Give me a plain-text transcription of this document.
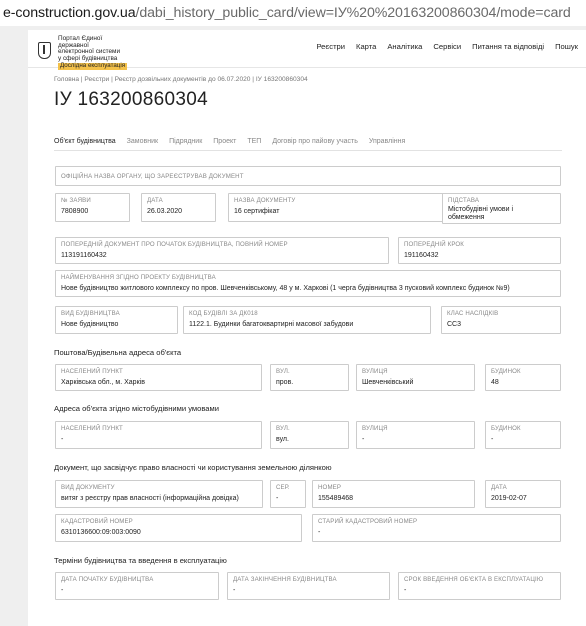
e-construction.gov.ua/dabi_history_public_card/view=ІУ%20%20163200860304/mode=card
Портал Єдиної
державної
електронної системи
у сфері будівництва
Дослідна експлуатація
Реєстри Карта Аналітика Сервіси Питання та відповіді Пошук
Головна | Реєстри | Реєстр дозвільних документів до 06.07.2020 | ІУ 163200860304
ІУ 163200860304
Об'єкт будівництва Замовник Підрядник Проект ТЕП Договір про пайову участь Управління
ОФІЦІЙНА НАЗВА ОРГАНУ, ЩО ЗАРЕЄСТРУВАВ ДОКУМЕНТ
№ ЗАЯВИ
7808900
ДАТА
26.03.2020
НАЗВА ДОКУМЕНТУ
16 сертифікат
ПІДСТАВА
Містобудівні умови і обмеження
ПОПЕРЕДНІЙ ДОКУМЕНТ ПРО ПОЧАТОК БУДІВНИЦТВА, ПОВНИЙ НОМЕР
113191160432
ПОПЕРЕДНІЙ КРОК
191160432
НАЙМЕНУВАННЯ ЗГІДНО ПРОЕКТУ БУДІВНИЦТВА
Нове будівництво житлового комплексу по пров. Шевченківському, 48 у м. Харкові (1 черга будівництва 3 пусковий комплекс будинок №9)
ВИД БУДІВНИЦТВА
Нове будівництво
КОД БУДІВЛІ ЗА ДК018
1122.1. Будинки багатоквартирні масової забудови
КЛАС НАСЛІДКІВ
СС3
Поштова/Будівельна адреса об'єкта
НАСЕЛЕНИЙ ПУНКТ
Харківська обл., м. Харків
ВУЛ.
пров.
ВУЛИЦЯ
Шевченківський
БУДИНОК
48
Адреса об'єкта згідно містобудівними умовами
НАСЕЛЕНИЙ ПУНКТ
-
ВУЛ.
вул.
ВУЛИЦЯ
-
БУДИНОК
-
Документ, що засвідчує право власності чи користування земельною ділянкою
ВИД ДОКУМЕНТУ
витяг з реєстру прав власності (інформаційна довідка)
СЕР.
-
НОМЕР
155489468
ДАТА
2019-02-07
КАДАСТРОВИЙ НОМЕР
6310136600:09:003:0090
СТАРИЙ КАДАСТРОВИЙ НОМЕР
-
Терміни будівництва та введення в експлуатацію
ДАТА ПОЧАТКУ БУДІВНИЦТВА
-
ДАТА ЗАКІНЧЕННЯ БУДІВНИЦТВА
-
СРОК ВВЕДЕННЯ ОБ'ЄКТА В ЕКСПЛУАТАЦІЮ
-
